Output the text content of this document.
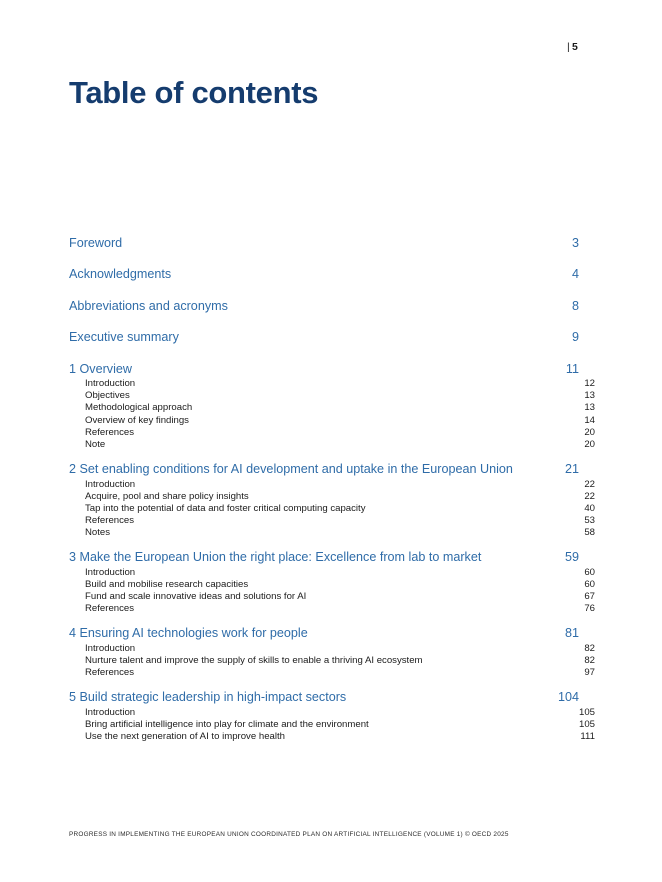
| 5
Table of contents
Foreword	3
Acknowledgments	4
Abbreviations and acronyms	8
Executive summary	9
1 Overview	11
Introduction	12
Objectives	13
Methodological approach	13
Overview of key findings	14
References	20
Note	20
2 Set enabling conditions for AI development and uptake in the European Union	21
Introduction	22
Acquire, pool and share policy insights	22
Tap into the potential of data and foster critical computing capacity	40
References	53
Notes	58
3 Make the European Union the right place: Excellence from lab to market	59
Introduction	60
Build and mobilise research capacities	60
Fund and scale innovative ideas and solutions for AI	67
References	76
4 Ensuring AI technologies work for people	81
Introduction	82
Nurture talent and improve the supply of skills to enable a thriving AI ecosystem	82
References	97
5 Build strategic leadership in high-impact sectors	104
Introduction	105
Bring artificial intelligence into play for climate and the environment	105
Use the next generation of AI to improve health	111
PROGRESS IN IMPLEMENTING THE EUROPEAN UNION COORDINATED PLAN ON ARTIFICIAL INTELLIGENCE (VOLUME 1) © OECD 2025
